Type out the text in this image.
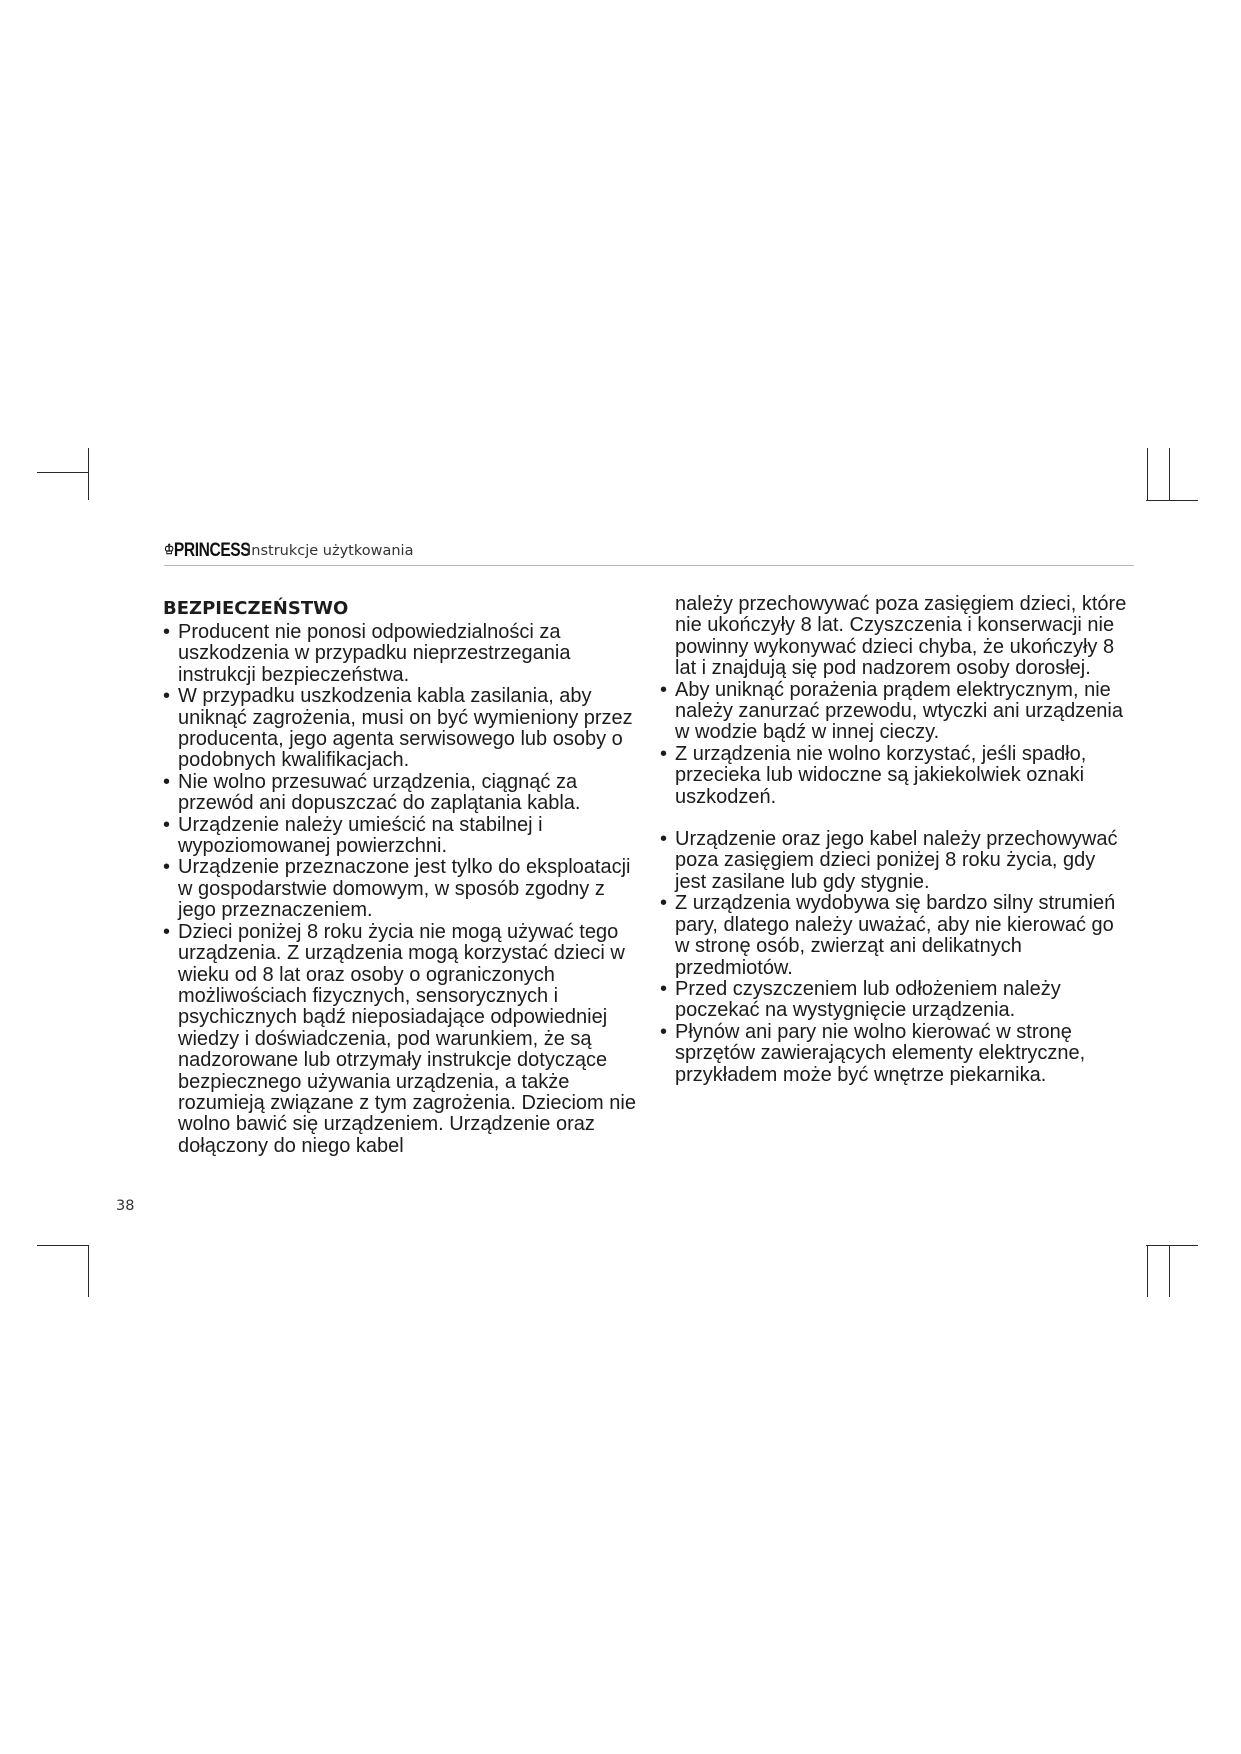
♔PRINCESS
Instrukcje użytkowania
BEZPIECZEŃSTWO
• Producent nie ponosi odpowiedzialności za uszkodzenia w przypadku nieprzestrzegania instrukcji bezpieczeństwa.
• W przypadku uszkodzenia kabla zasilania, aby uniknąć zagrożenia, musi on być wymieniony przez producenta, jego agenta serwisowego lub osoby o podobnych kwalifikacjach.
• Nie wolno przesuwać urządzenia, ciągnąć za przewód ani dopuszczać do zaplątania kabla.
• Urządzenie należy umieścić na stabilnej i wypoziomowanej powierzchni.
• Urządzenie przeznaczone jest tylko do eksploatacji w gospodarstwie domowym, w sposób zgodny z jego przeznaczeniem.
• Dzieci poniżej 8 roku życia nie mogą używać tego urządzenia. Z urządzenia mogą korzystać dzieci w wieku od 8 lat oraz osoby o ograniczonych możliwościach fizycznych, sensorycznych i psychicznych bądź nieposiadające odpowiedniej wiedzy i doświadczenia, pod warunkiem, że są nadzorowane lub otrzymały instrukcje dotyczące bezpiecznego używania urządzenia, a także rozumieją związane z tym zagrożenia. Dzieciom nie wolno bawić się urządzeniem. Urządzenie oraz dołączony do niego kabel
należy przechowywać poza zasięgiem dzieci, które nie ukończyły 8 lat. Czyszczenia i konserwacji nie powinny wykonywać dzieci chyba, że ukończyły 8 lat i znajdują się pod nadzorem osoby dorosłej.
• Aby uniknąć porażenia prądem elektrycznym, nie należy zanurzać przewodu, wtyczki ani urządzenia w wodzie bądź w innej cieczy.
• Z urządzenia nie wolno korzystać, jeśli spadło, przecieka lub widoczne są jakiekolwiek oznaki uszkodzeń.
• Urządzenie oraz jego kabel należy przechowywać poza zasięgiem dzieci poniżej 8 roku życia, gdy jest zasilane lub gdy stygnie.
• Z urządzenia wydobywa się bardzo silny strumień pary, dlatego należy uważać, aby nie kierować go w stronę osób, zwierząt ani delikatnych przedmiotów.
• Przed czyszczeniem lub odłożeniem należy poczekać na wystygnięcie urządzenia.
• Płynów ani pary nie wolno kierować w stronę sprzętów zawierających elementy elektryczne, przykładem może być wnętrze piekarnika.
38
